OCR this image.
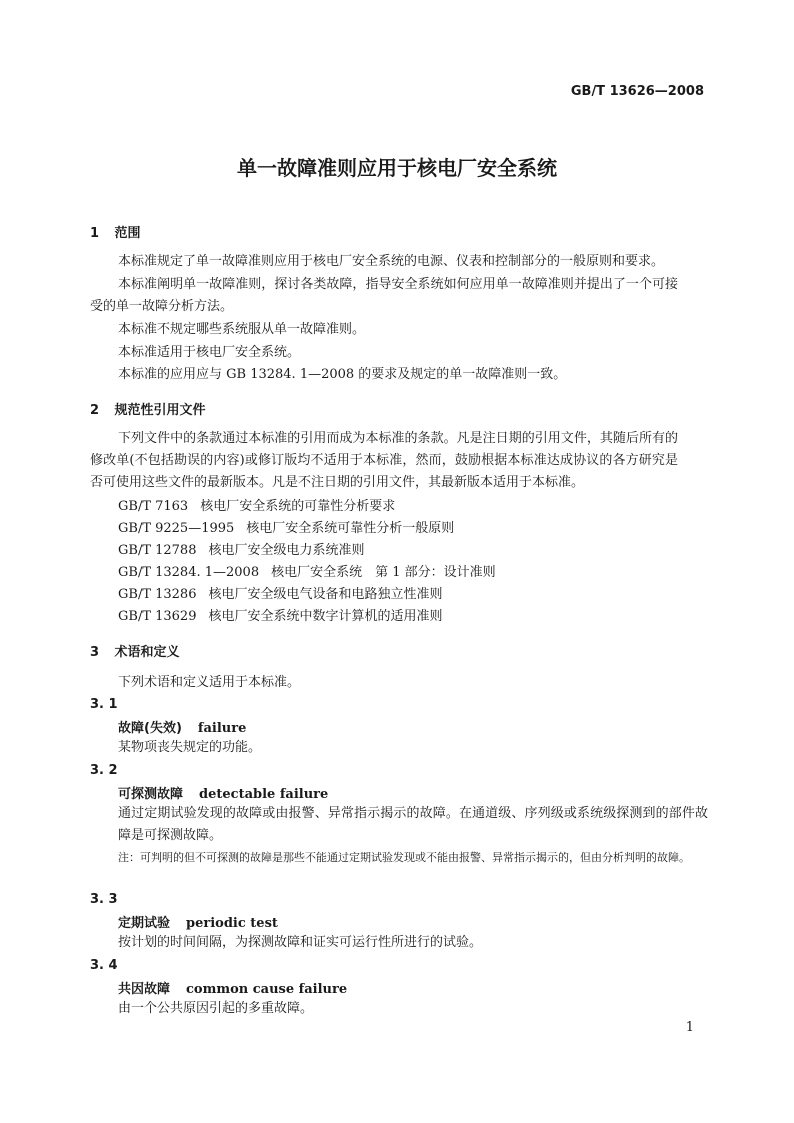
GB/T 13626—2008
单一故障准则应用于核电厂安全系统
1 范围
本标准规定了单一故障准则应用于核电厂安全系统的电源、仪表和控制部分的一般原则和要求。
本标准阐明单一故障准则，探讨各类故障，指导安全系统如何应用单一故障准则并提出了一个可接受的单一故障分析方法。
本标准不规定哪些系统服从单一故障准则。
本标准适用于核电厂安全系统。
本标准的应用应与 GB 13284. 1—2008 的要求及规定的单一故障准则一致。
2 规范性引用文件
下列文件中的条款通过本标准的引用而成为本标准的条款。凡是注日期的引用文件，其随后所有的修改单(不包括勘误的内容)或修订版均不适用于本标准，然而，鼓励根据本标准达成协议的各方研究是否可使用这些文件的最新版本。凡是不注日期的引用文件，其最新版本适用于本标准。
GB/T 7163 核电厂安全系统的可靠性分析要求
GB/T 9225—1995 核电厂安全系统可靠性分析一般原则
GB/T 12788 核电厂安全级电力系统准则
GB/T 13284. 1—2008 核电厂安全系统　第 1 部分：设计准则
GB/T 13286 核电厂安全级电气设备和电路独立性准则
GB/T 13629 核电厂安全系统中数字计算机的适用准则
3 术语和定义
下列术语和定义适用于本标准。
3. 1
故障(失效) failure
某物项丧失规定的功能。
3. 2
可探测故障 detectable failure
通过定期试验发现的故障或由报警、异常指示揭示的故障。在通道级、序列级或系统级探测到的部件故障是可探测故障。
注：可判明的但不可探测的故障是那些不能通过定期试验发现或不能由报警、异常指示揭示的，但由分析判明的故障。
3. 3
定期试验 periodic test
按计划的时间间隔，为探测故障和证实可运行性所进行的试验。
3. 4
共因故障 common cause failure
由一个公共原因引起的多重故障。
1
